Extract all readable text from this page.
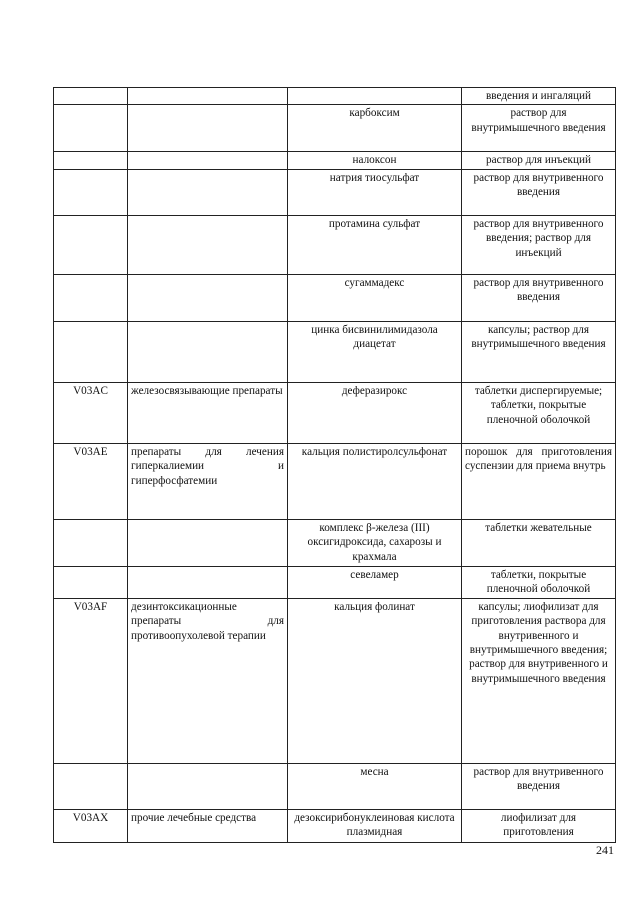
			введения и ингаляций
		карбоксим	раствор для внутримышечного введения
		налоксон	раствор для инъекций
		натрия тиосульфат	раствор для внутривенного введения
		протамина сульфат	раствор для внутривенного введения; раствор для инъекций
		сугаммадекс	раствор для внутривенного введения
		цинка бисвинилимидазола диацетат	капсулы; раствор для внутримышечного введения
V03AC	железосвязывающие препараты	деферазирокс	таблетки диспергируемые; таблетки, покрытые пленочной оболочкой
V03AE	препараты для лечения гиперкалиемии и гиперфосфатемии	кальция полистиролсульфонат	порошок для приготовления суспензии для приема внутрь
		комплекс β-железа (III) оксигидроксида, сахарозы и крахмала	таблетки жевательные
		севеламер	таблетки, покрытые пленочной оболочкой
V03AF	дезинтоксикационные препараты для противоопухолевой терапии	кальция фолинат	капсулы; лиофилизат для приготовления раствора для внутривенного и внутримышечного введения; раствор для внутривенного и внутримышечного введения
		месна	раствор для внутривенного введения
V03AX	прочие лечебные средства	дезоксирибонуклеиновая кислота плазмидная	лиофилизат для приготовления
241
